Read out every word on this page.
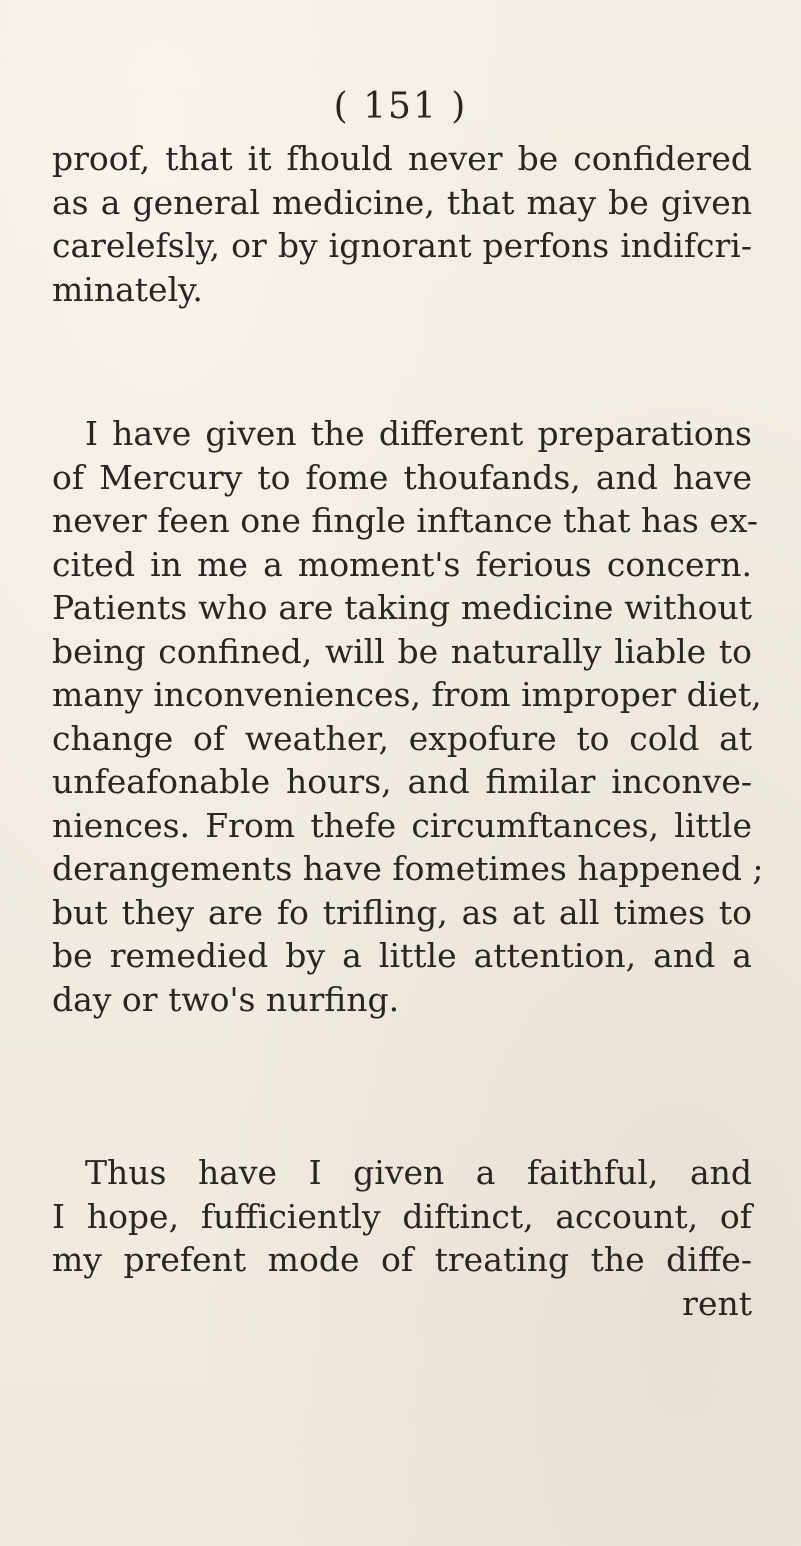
( 151 )
proof, that it fhould never be confidered
as a general medicine, that may be given
carelefsly, or by ignorant perfons indifcri-
minately.
I have given the different preparations
of Mercury to fome thoufands, and have
never feen one fingle inftance that has ex-
cited in me a moment's ferious concern.
Patients who are taking medicine without
being confined, will be naturally liable to
many inconveniences, from improper diet,
change of weather, expofure to cold at
unfeafonable hours, and fimilar inconve-
niences. From thefe circumftances, little
derangements have fometimes happened ;
but they are fo trifling, as at all times to
be remedied by a little attention, and a
day or two's nurfing.
Thus have I given a faithful, and
I hope, fufficiently diftinct, account, of
my prefent mode of treating the diffe-
rent
